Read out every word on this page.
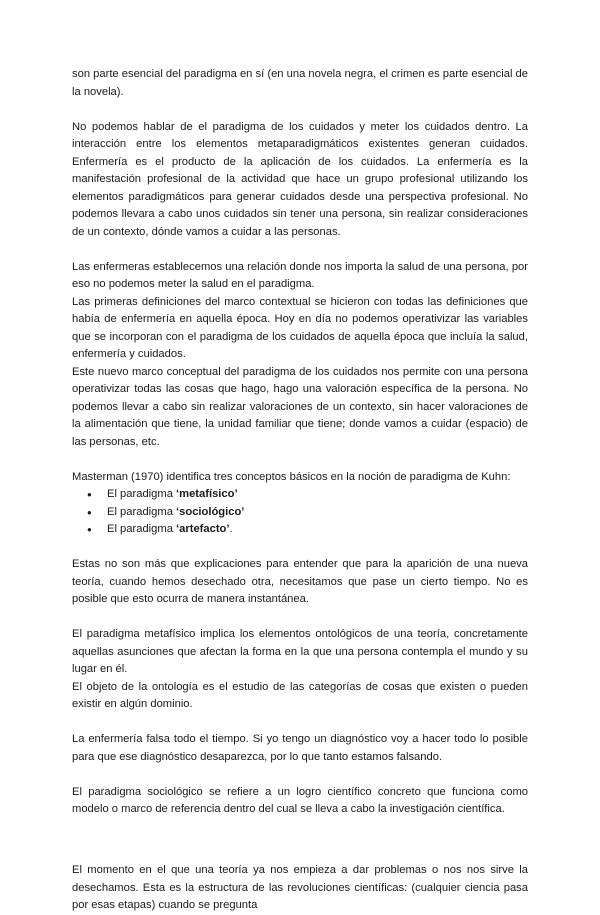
son parte esencial del paradigma en sí (en una novela negra, el crimen es parte esencial de la novela).

No podemos hablar de el paradigma de los cuidados y meter los cuidados dentro. La interacción entre los elementos metaparadigmáticos existentes generan cuidados. Enfermería es el producto de la aplicación de los cuidados. La enfermería es la manifestación profesional de la actividad que hace un grupo profesional utilizando los elementos paradigmáticos para generar cuidados desde una perspectiva profesional. No podemos llevara a cabo unos cuidados sin tener una persona, sin realizar consideraciones de un contexto, dónde vamos a cuidar a las personas.

Las enfermeras establecemos una relación donde nos importa la salud de una persona, por eso no podemos meter la salud en el paradigma.

Las primeras definiciones del marco contextual se hicieron con todas las definiciones que había de enfermería en aquella época. Hoy en día no podemos operativizar las variables que se incorporan con el paradigma de los cuidados de aquella época que incluía la salud, enfermería y cuidados.

Este nuevo marco conceptual del paradigma de los cuidados nos permite con una persona operativizar todas las cosas que hago, hago una valoración específica de la persona. No podemos llevar a cabo sin realizar valoraciones de un contexto, sin hacer valoraciones de la alimentación que tiene, la unidad familiar que tiene; donde vamos a cuidar (espacio) de las personas, etc.

Masterman (1970) identifica tres conceptos básicos en la noción de paradigma de Kuhn:

● El paradigma ‘metafísico’
● El paradigma ‘sociológico’
● El paradigma ‘artefacto’.

Estas no son más que explicaciones para entender que para la aparición de una nueva teoría, cuando hemos desechado otra, necesitamos que pase un cierto tiempo. No es posible que esto ocurra de manera instantánea.

El paradigma metafísico implica los elementos ontológicos de una teoría, concretamente aquellas asunciones que afectan la forma en la que una persona contempla el mundo y su lugar en él.

El objeto de la ontología es el estudio de las categorías de cosas que existen o pueden existir en algún dominio.

La enfermería falsa todo el tiempo. Si yo tengo un diagnóstico voy a hacer todo lo posible para que ese diagnóstico desaparezca, por lo que tanto estamos falsando.

El paradigma sociológico se refiere a un logro científico concreto que funciona como modelo o marco de referencia dentro del cual se lleva a cabo la investigación científica.

El momento en el que una teoría ya nos empieza a dar problemas o nos nos sirve la desechamos. Esta es la estructura de las revoluciones científicas: (cualquier ciencia pasa por esas etapas) cuando se pregunta
